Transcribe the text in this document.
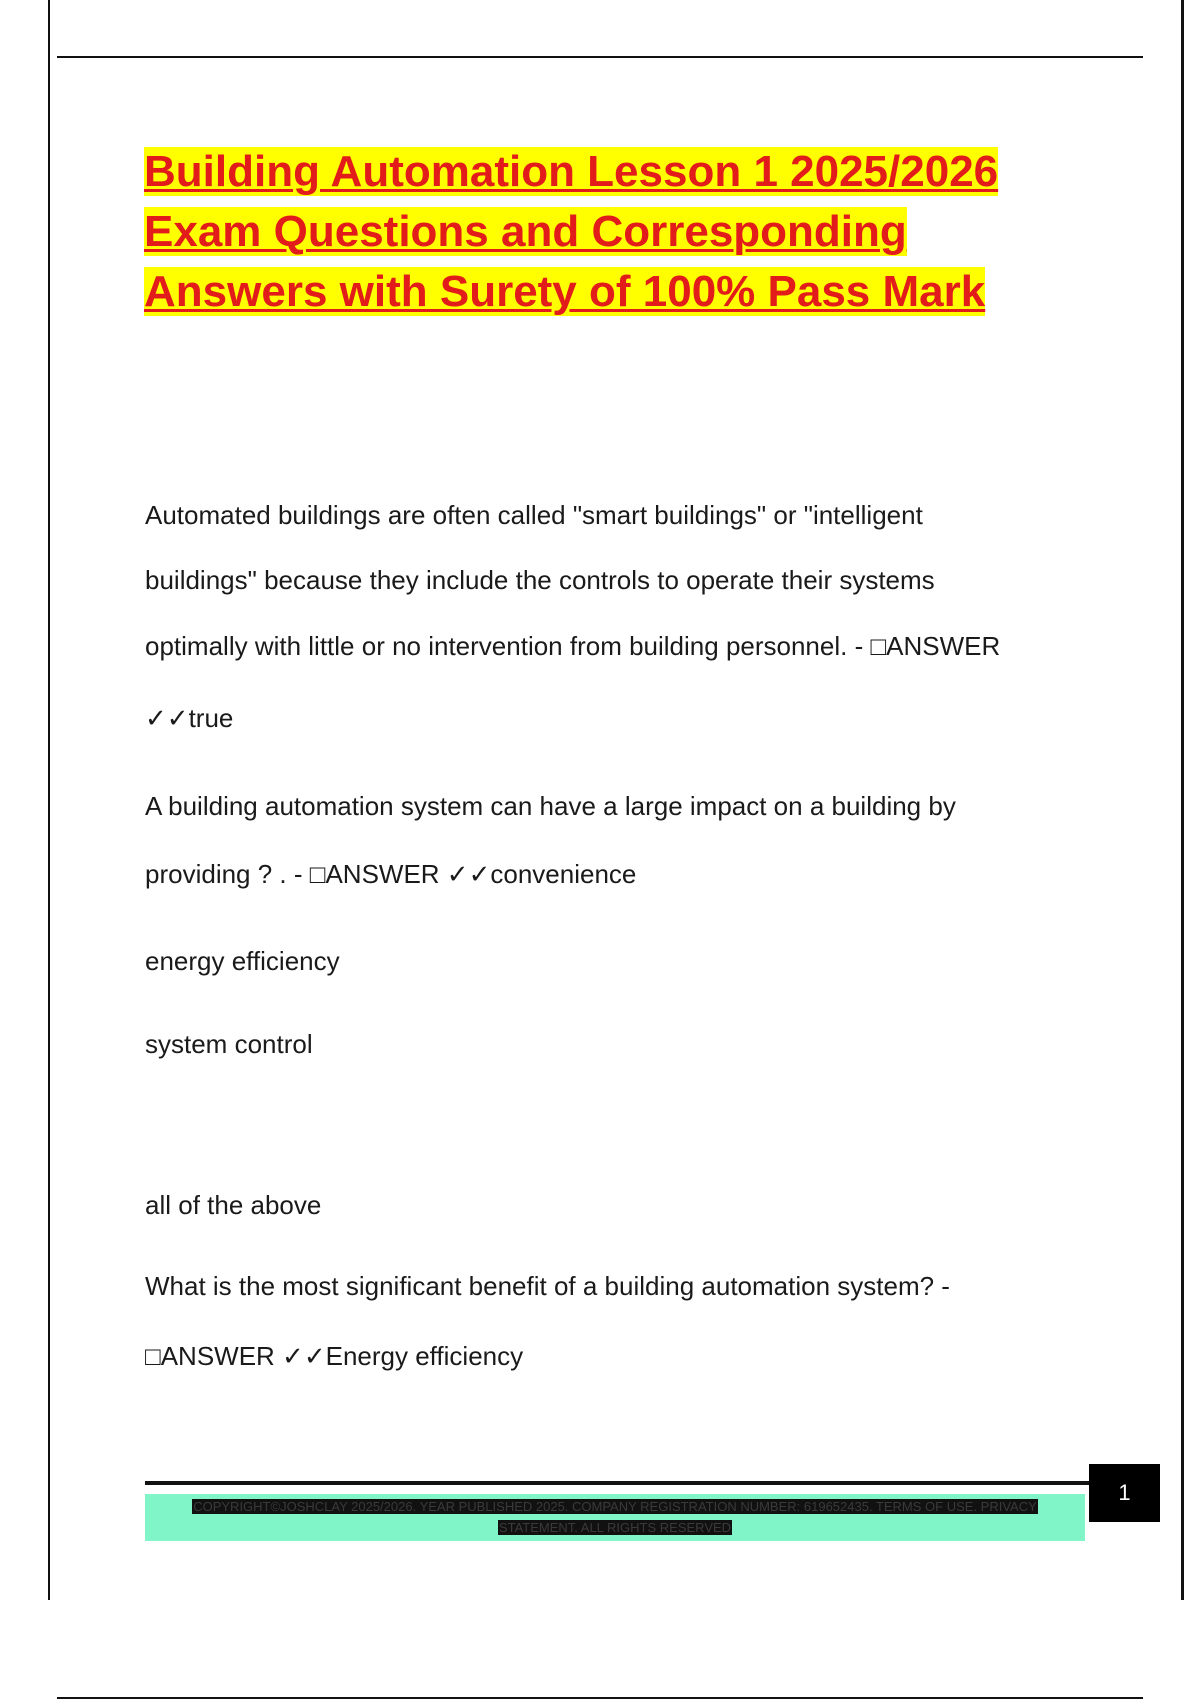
Building Automation Lesson 1 2025/2026
Exam Questions and Corresponding
Answers with Surety of 100% Pass Mark

Automated buildings are often called "smart buildings" or "intelligent

buildings" because they include the controls to operate their systems

optimally with little or no intervention from building personnel. - □ANSWER

✓✓true

A building automation system can have a large impact on a building by

providing ? . - □ANSWER ✓✓convenience

energy efficiency

system control

all of the above

What is the most significant benefit of a building automation system? -

□ANSWER ✓✓Energy efficiency

COPYRIGHT©JOSHCLAY 2025/2026. YEAR PUBLISHED 2025. COMPANY REGISTRATION NUMBER: 619652435. TERMS OF USE. PRIVACY
STATEMENT. ALL RIGHTS RESERVED
1
